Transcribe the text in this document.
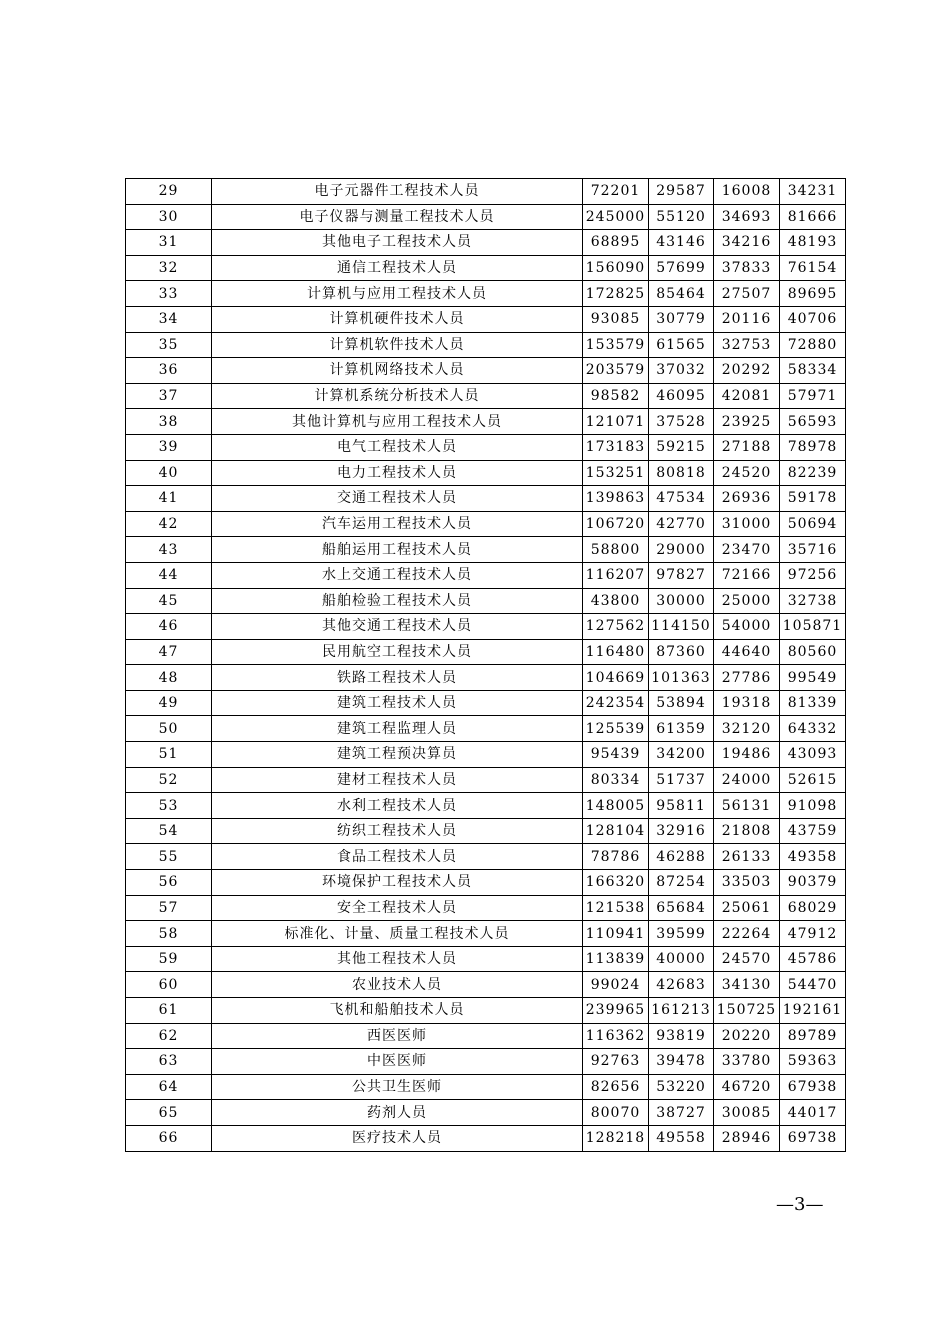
29	电子元器件工程技术人员	72201	29587	16008	34231
30	电子仪器与测量工程技术人员	245000	55120	34693	81666
31	其他电子工程技术人员	68895	43146	34216	48193
32	通信工程技术人员	156090	57699	37833	76154
33	计算机与应用工程技术人员	172825	85464	27507	89695
34	计算机硬件技术人员	93085	30779	20116	40706
35	计算机软件技术人员	153579	61565	32753	72880
36	计算机网络技术人员	203579	37032	20292	58334
37	计算机系统分析技术人员	98582	46095	42081	57971
38	其他计算机与应用工程技术人员	121071	37528	23925	56593
39	电气工程技术人员	173183	59215	27188	78978
40	电力工程技术人员	153251	80818	24520	82239
41	交通工程技术人员	139863	47534	26936	59178
42	汽车运用工程技术人员	106720	42770	31000	50694
43	船舶运用工程技术人员	58800	29000	23470	35716
44	水上交通工程技术人员	116207	97827	72166	97256
45	船舶检验工程技术人员	43800	30000	25000	32738
46	其他交通工程技术人员	127562	114150	54000	105871
47	民用航空工程技术人员	116480	87360	44640	80560
48	铁路工程技术人员	104669	101363	27786	99549
49	建筑工程技术人员	242354	53894	19318	81339
50	建筑工程监理人员	125539	61359	32120	64332
51	建筑工程预决算员	95439	34200	19486	43093
52	建材工程技术人员	80334	51737	24000	52615
53	水利工程技术人员	148005	95811	56131	91098
54	纺织工程技术人员	128104	32916	21808	43759
55	食品工程技术人员	78786	46288	26133	49358
56	环境保护工程技术人员	166320	87254	33503	90379
57	安全工程技术人员	121538	65684	25061	68029
58	标准化、计量、质量工程技术人员	110941	39599	22264	47912
59	其他工程技术人员	113839	40000	24570	45786
60	农业技术人员	99024	42683	34130	54470
61	飞机和船舶技术人员	239965	161213	150725	192161
62	西医医师	116362	93819	20220	89789
63	中医医师	92763	39478	33780	59363
64	公共卫生医师	82656	53220	46720	67938
65	药剂人员	80070	38727	30085	44017
66	医疗技术人员	128218	49558	28946	69738
—3—
